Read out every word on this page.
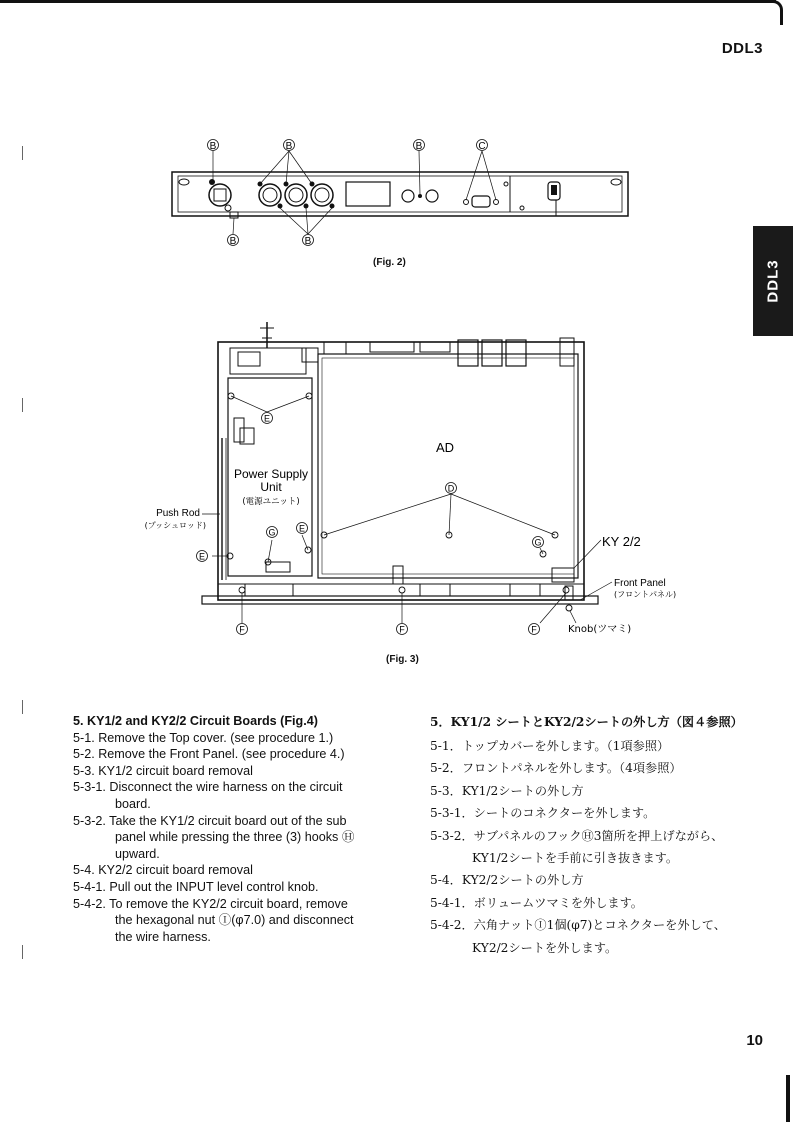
DDL3
DDL3
B	B	B	C
B	B
(Fig. 2)
E
D
G	E
G
E
F	F	F
AD
Power Supply
Unit
(電源ユニット)
Push Rod
(プッシュロッド)
KY 2/2
Front Panel
(フロントパネル)
Knob(ツマミ)
(Fig. 3)

5. KY1/2 and KY2/2 Circuit Boards (Fig.4)

5-1. Remove the Top cover. (see procedure 1.)

5-2. Remove the Front Panel. (see procedure 4.)

5-3. KY1/2 circuit board removal

5-3-1. Disconnect the wire harness on the circuit

board.

5-3-2. Take the KY1/2 circuit board out of the sub

panel while pressing the three (3) hooks Ⓗ

upward.

5-4. KY2/2 circuit board removal

5-4-1. Pull out the INPUT level control knob.

5-4-2. To remove the KY2/2 circuit board, remove

the hexagonal nut Ⓘ(φ7.0) and disconnect

the wire harness.

5．KY1/2 シートとKY2/2シートの外し方（図４参照）

5-1．トップカバーを外します。（1項参照）

5-2．フロントパネルを外します。（4項参照）

5-3．KY1/2シートの外し方

5-3-1．シートのコネクターを外します。

5-3-2．サブパネルのフックⒽ3箇所を押上げながら、

KY1/2シートを手前に引き抜きます。

5-4．KY2/2シートの外し方

5-4-1．ボリュームツマミを外します。

5-4-2．六角ナットⒾ1個(φ7)とコネクターを外して、

KY2/2シートを外します。

10
